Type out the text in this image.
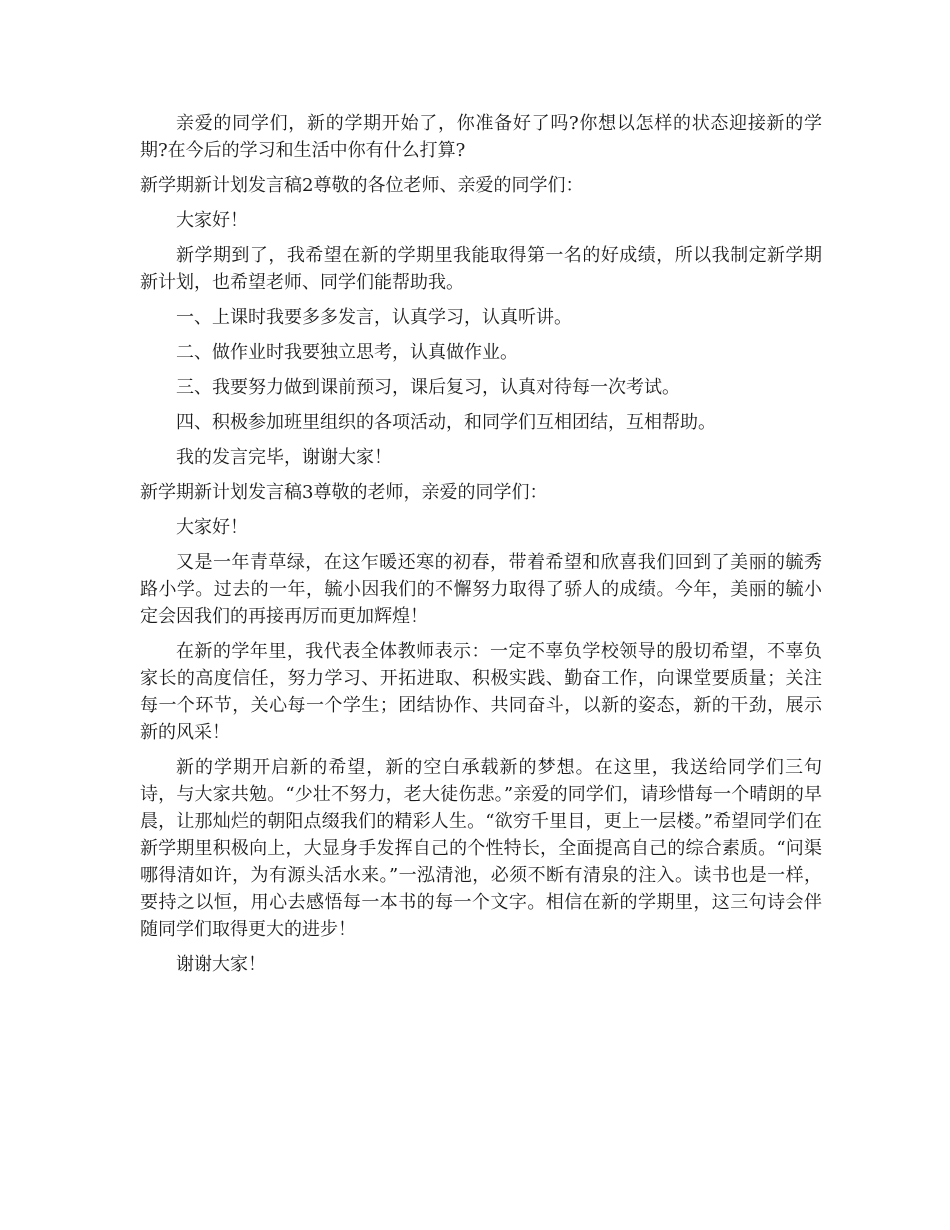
亲爱的同学们，新的学期开始了，你准备好了吗?你想以怎样的状态迎接新的学期?在今后的学习和生活中你有什么打算?

新学期新计划发言稿2尊敬的各位老师、亲爱的同学们：

大家好！

新学期到了，我希望在新的学期里我能取得第一名的好成绩，所以我制定新学期新计划，也希望老师、同学们能帮助我。

一、上课时我要多多发言，认真学习，认真听讲。

二、做作业时我要独立思考，认真做作业。

三、我要努力做到课前预习，课后复习，认真对待每一次考试。

四、积极参加班里组织的各项活动，和同学们互相团结，互相帮助。

我的发言完毕，谢谢大家！

新学期新计划发言稿3尊敬的老师，亲爱的同学们：

大家好！

又是一年青草绿，在这乍暖还寒的初春，带着希望和欣喜我们回到了美丽的毓秀路小学。过去的一年，毓小因我们的不懈努力取得了骄人的成绩。今年，美丽的毓小定会因我们的再接再厉而更加辉煌！

在新的学年里，我代表全体教师表示：一定不辜负学校领导的殷切希望，不辜负家长的高度信任，努力学习、开拓进取、积极实践、勤奋工作，向课堂要质量；关注每一个环节，关心每一个学生；团结协作、共同奋斗，以新的姿态，新的干劲，展示新的风采！

新的学期开启新的希望，新的空白承载新的梦想。在这里，我送给同学们三句诗，与大家共勉。“少壮不努力，老大徒伤悲。”亲爱的同学们，请珍惜每一个晴朗的早晨，让那灿烂的朝阳点缀我们的精彩人生。“欲穷千里目，更上一层楼。”希望同学们在新学期里积极向上，大显身手发挥自己的个性特长，全面提高自己的综合素质。“问渠哪得清如许，为有源头活水来。”一泓清池，必须不断有清泉的注入。读书也是一样，要持之以恒，用心去感悟每一本书的每一个文字。相信在新的学期里，这三句诗会伴随同学们取得更大的进步！

谢谢大家！
